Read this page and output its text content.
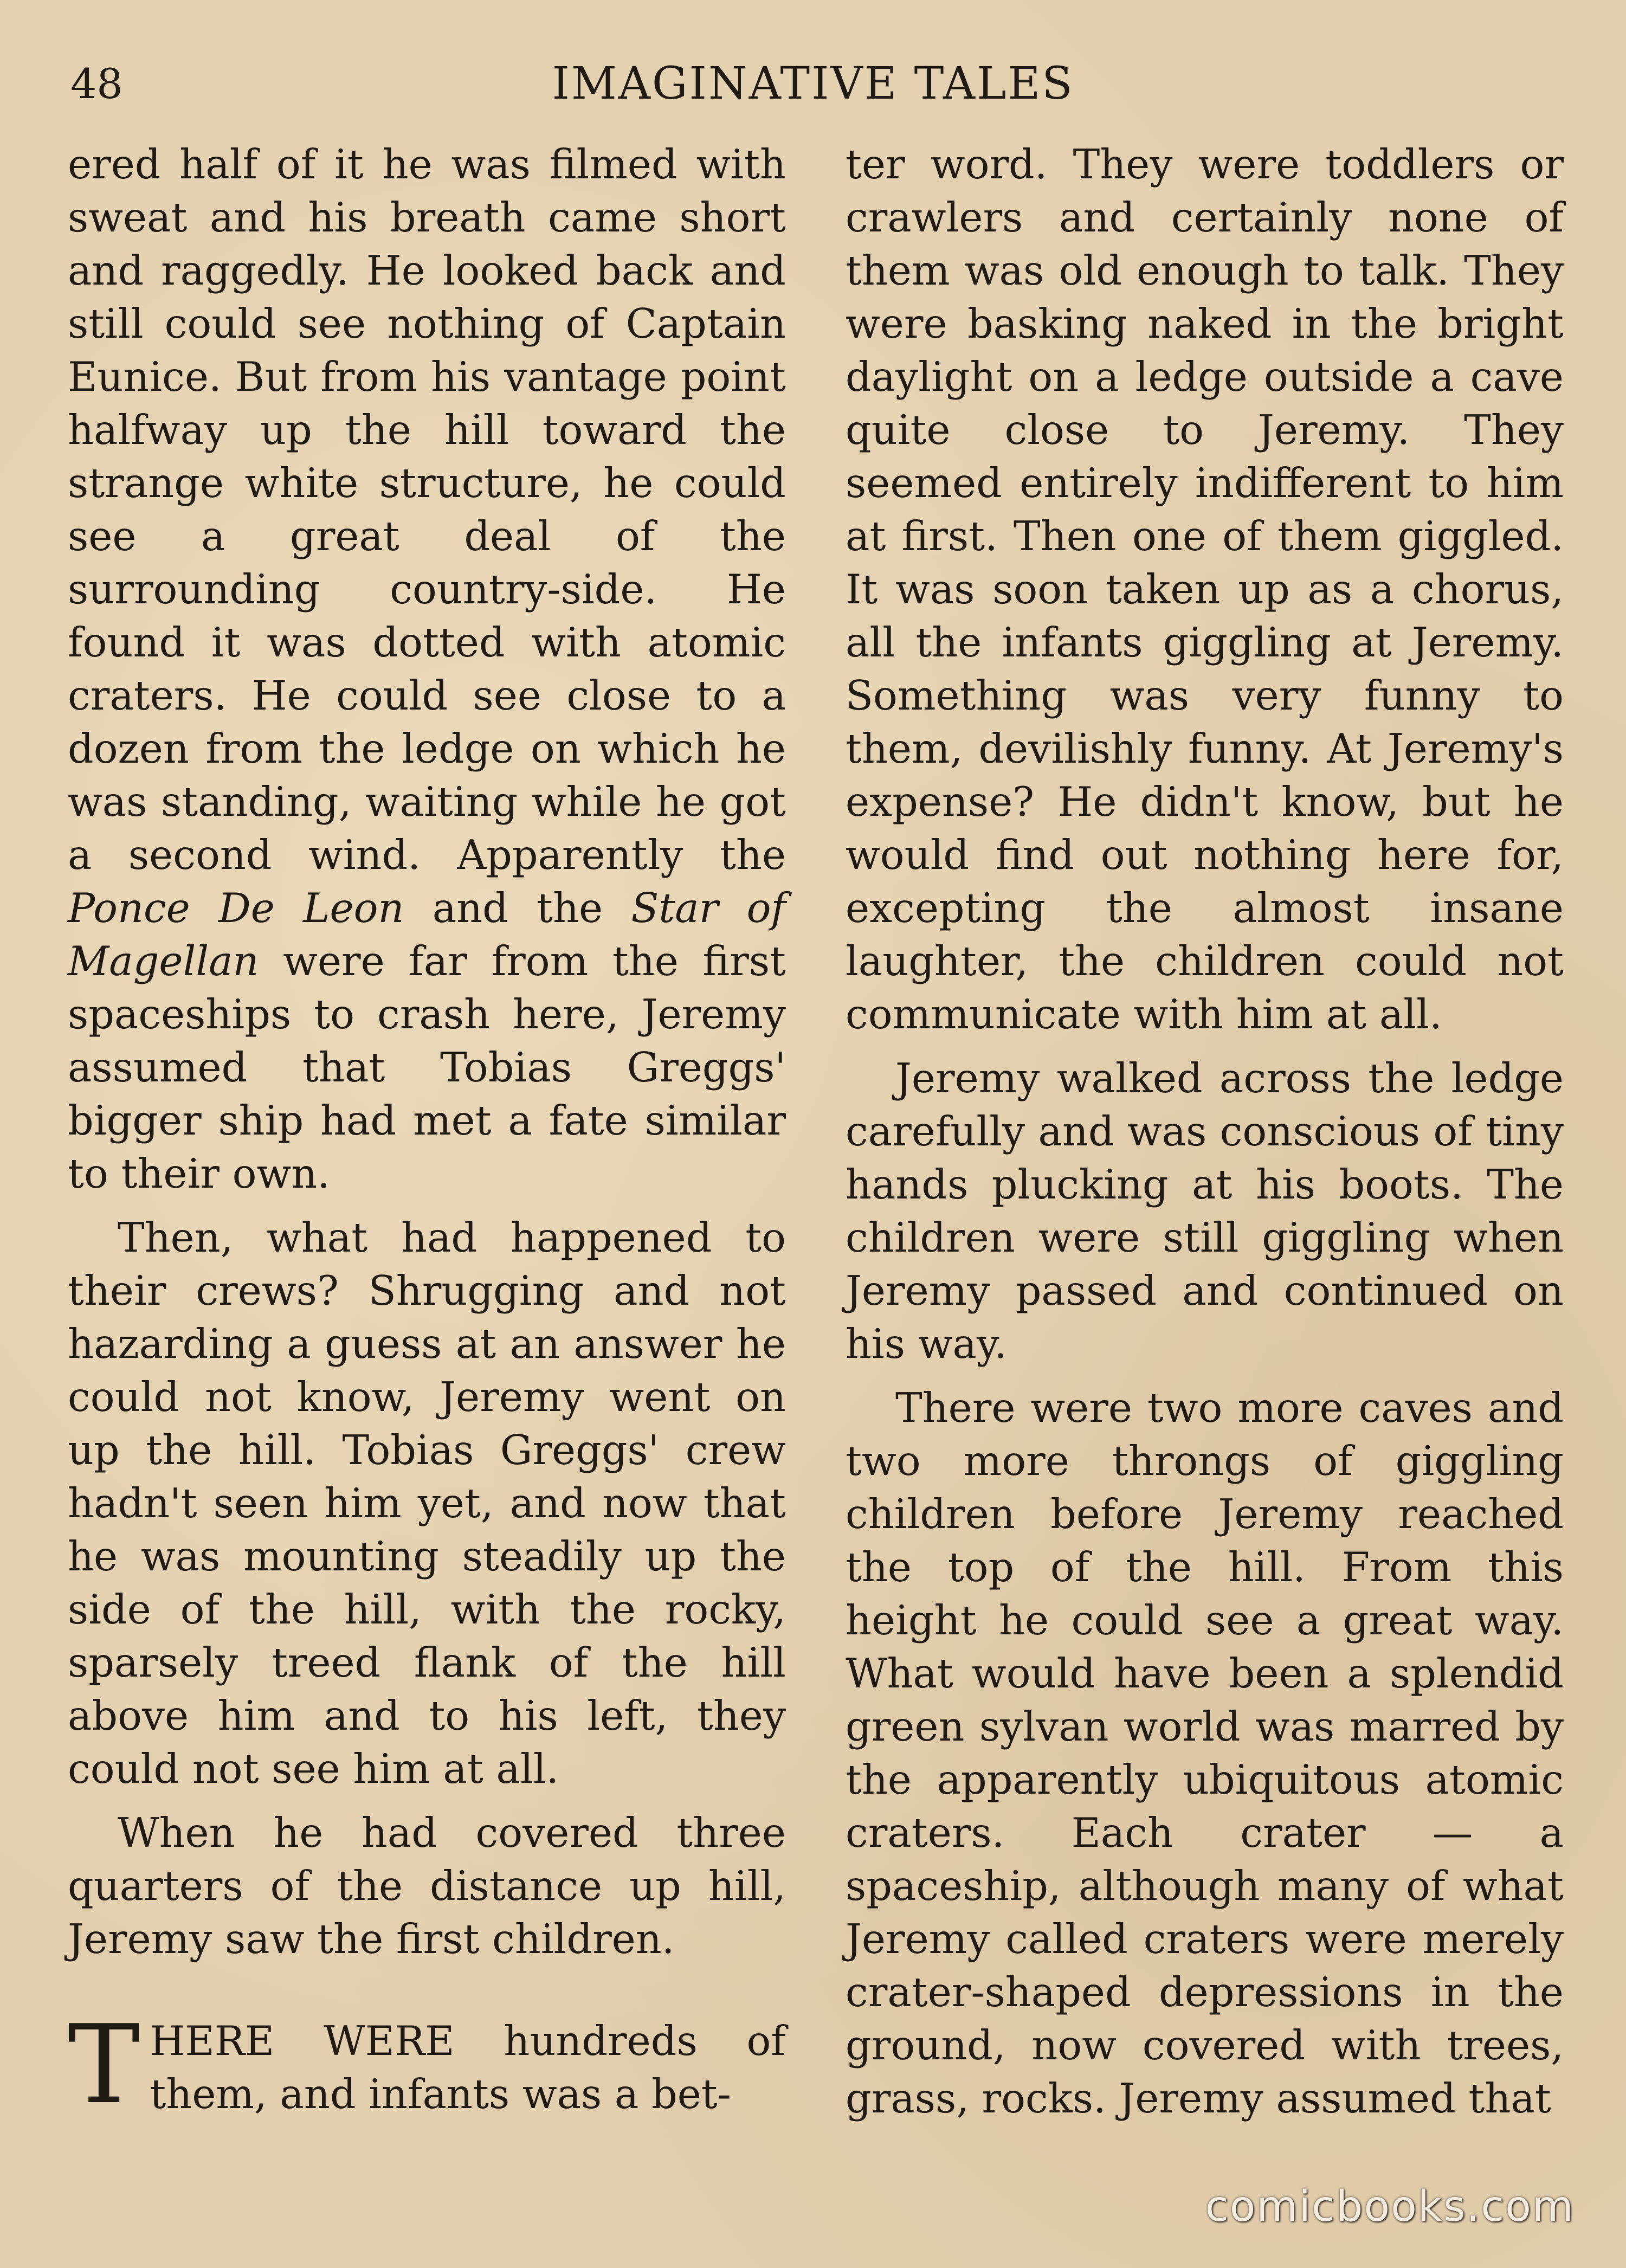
48	IMAGINATIVE TALES

ered half of it he was filmed with sweat and his breath came short and raggedly. He looked back and still could see nothing of Captain Eunice. But from his vantage point halfway up the hill toward the strange white structure, he could see a great deal of the surrounding country-side. He found it was dotted with atomic craters. He could see close to a dozen from the ledge on which he was standing, waiting while he got a second wind. Apparently the Ponce De Leon and the Star of Magellan were far from the first spaceships to crash here, Jeremy assumed that Tobias Greggs' bigger ship had met a fate similar to their own.

Then, what had happened to their crews? Shrugging and not hazarding a guess at an answer he could not know, Jeremy went on up the hill. Tobias Greggs' crew hadn't seen him yet, and now that he was mounting steadily up the side of the hill, with the rocky, sparsely treed flank of the hill above him and to his left, they could not see him at all.

When he had covered three quarters of the distance up hill, Jeremy saw the first children.

THERE WERE hundreds of them, and infants was a bet-

ter word. They were toddlers or crawlers and certainly none of them was old enough to talk. They were basking naked in the bright daylight on a ledge outside a cave quite close to Jeremy. They seemed entirely indifferent to him at first. Then one of them giggled. It was soon taken up as a chorus, all the infants giggling at Jeremy. Something was very funny to them, devilishly funny. At Jeremy's expense? He didn't know, but he would find out nothing here for, excepting the almost insane laughter, the children could not communicate with him at all.

Jeremy walked across the ledge carefully and was conscious of tiny hands plucking at his boots. The children were still giggling when Jeremy passed and continued on his way.

There were two more caves and two more throngs of giggling children before Jeremy reached the top of the hill. From this height he could see a great way. What would have been a splendid green sylvan world was marred by the apparently ubiquitous atomic craters. Each crater — a spaceship, although many of what Jeremy called craters were merely crater-shaped depressions in the ground, now covered with trees, grass, rocks. Jeremy assumed that

comicbooks.com
